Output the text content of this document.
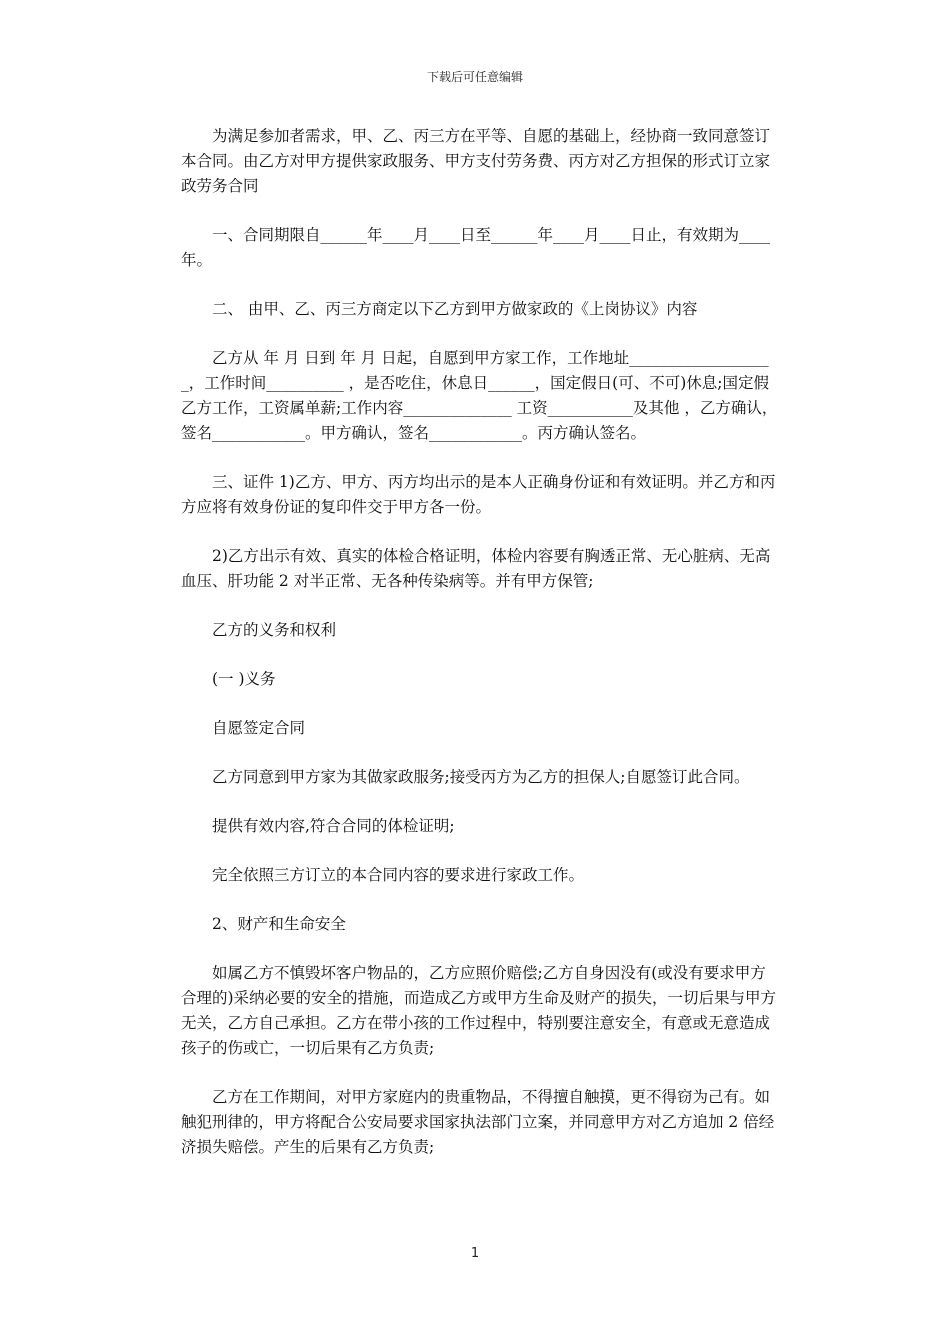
下载后可任意编辑

为满足参加者需求，甲、乙、丙三方在平等、自愿的基础上，经协商一致同意签订本合同。由乙方对甲方提供家政服务、甲方支付劳务费、丙方对乙方担保的形式订立家政劳务合同

一、合同期限自______年____月____日至______年____月____日止，有效期为____年。

二、 由甲、乙、丙三方商定以下乙方到甲方做家政的《上岗协议》内容

乙方从 年 月 日到 年 月 日起，自愿到甲方家工作，工作地址___________________，工作时间__________ ，是否吃住，休息日______，国定假日(可、不可)休息;国定假乙方工作，工资属单薪;工作内容______________ 工资___________及其他 ，乙方确认，签名____________。甲方确认，签名____________。丙方确认签名。

三、证件 1)乙方、甲方、丙方均出示的是本人正确身份证和有效证明。并乙方和丙方应将有效身份证的复印件交于甲方各一份。

2)乙方出示有效、真实的体检合格证明，体检内容要有胸透正常、无心脏病、无高血压、肝功能 2 对半正常、无各种传染病等。并有甲方保管;

乙方的义务和权利

(一 )义务

自愿签定合同

乙方同意到甲方家为其做家政服务;接受丙方为乙方的担保人;自愿签订此合同。

提供有效内容,符合合同的体检证明;

完全依照三方订立的本合同内容的要求进行家政工作。

2、财产和生命安全

如属乙方不慎毁坏客户物品的，乙方应照价赔偿;乙方自身因没有(或没有要求甲方合理的)采纳必要的安全的措施，而造成乙方或甲方生命及财产的损失，一切后果与甲方无关，乙方自己承担。乙方在带小孩的工作过程中，特别要注意安全，有意或无意造成孩子的伤或亡，一切后果有乙方负责;

乙方在工作期间，对甲方家庭内的贵重物品，不得擅自触摸，更不得窃为己有。如触犯刑律的，甲方将配合公安局要求国家执法部门立案，并同意甲方对乙方追加 2 倍经济损失赔偿。产生的后果有乙方负责;

1
